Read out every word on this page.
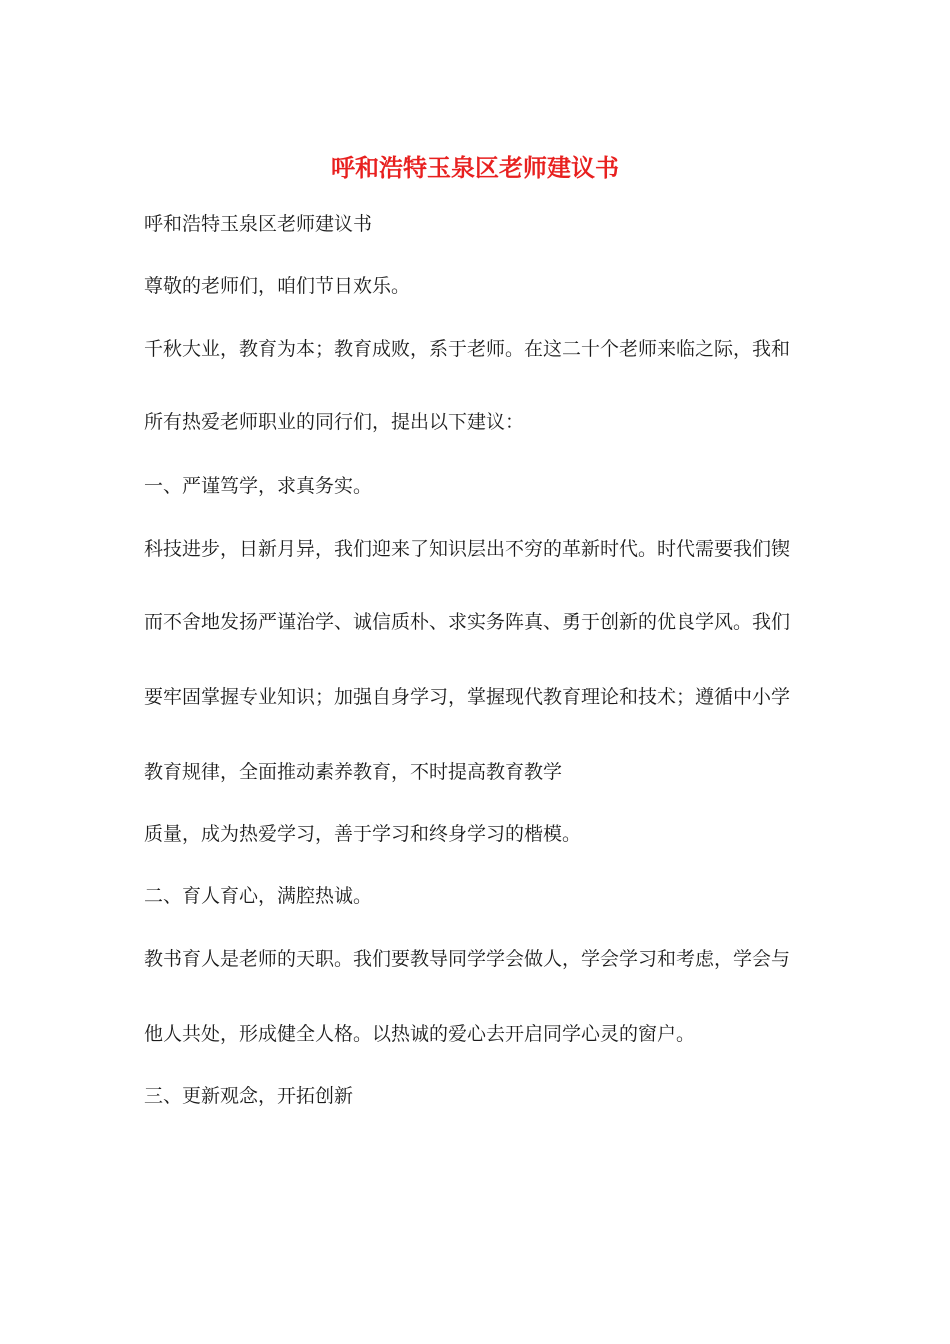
呼和浩特玉泉区老师建议书

呼和浩特玉泉区老师建议书

尊敬的老师们，咱们节日欢乐。

千秋大业，教育为本；教育成败，系于老师。在这二十个老师来临之际，我和

所有热爱老师职业的同行们，提出以下建议：

一、严谨笃学，求真务实。

科技进步，日新月异，我们迎来了知识层出不穷的革新时代。时代需要我们锲

而不舍地发扬严谨治学、诚信质朴、求实务阵真、勇于创新的优良学风。我们

要牢固掌握专业知识；加强自身学习，掌握现代教育理论和技术；遵循中小学

教育规律，全面推动素养教育，不时提高教育教学

质量，成为热爱学习，善于学习和终身学习的楷模。

二、育人育心，满腔热诚。

教书育人是老师的天职。我们要教导同学学会做人，学会学习和考虑，学会与

他人共处，形成健全人格。以热诚的爱心去开启同学心灵的窗户。

三、更新观念，开拓创新
